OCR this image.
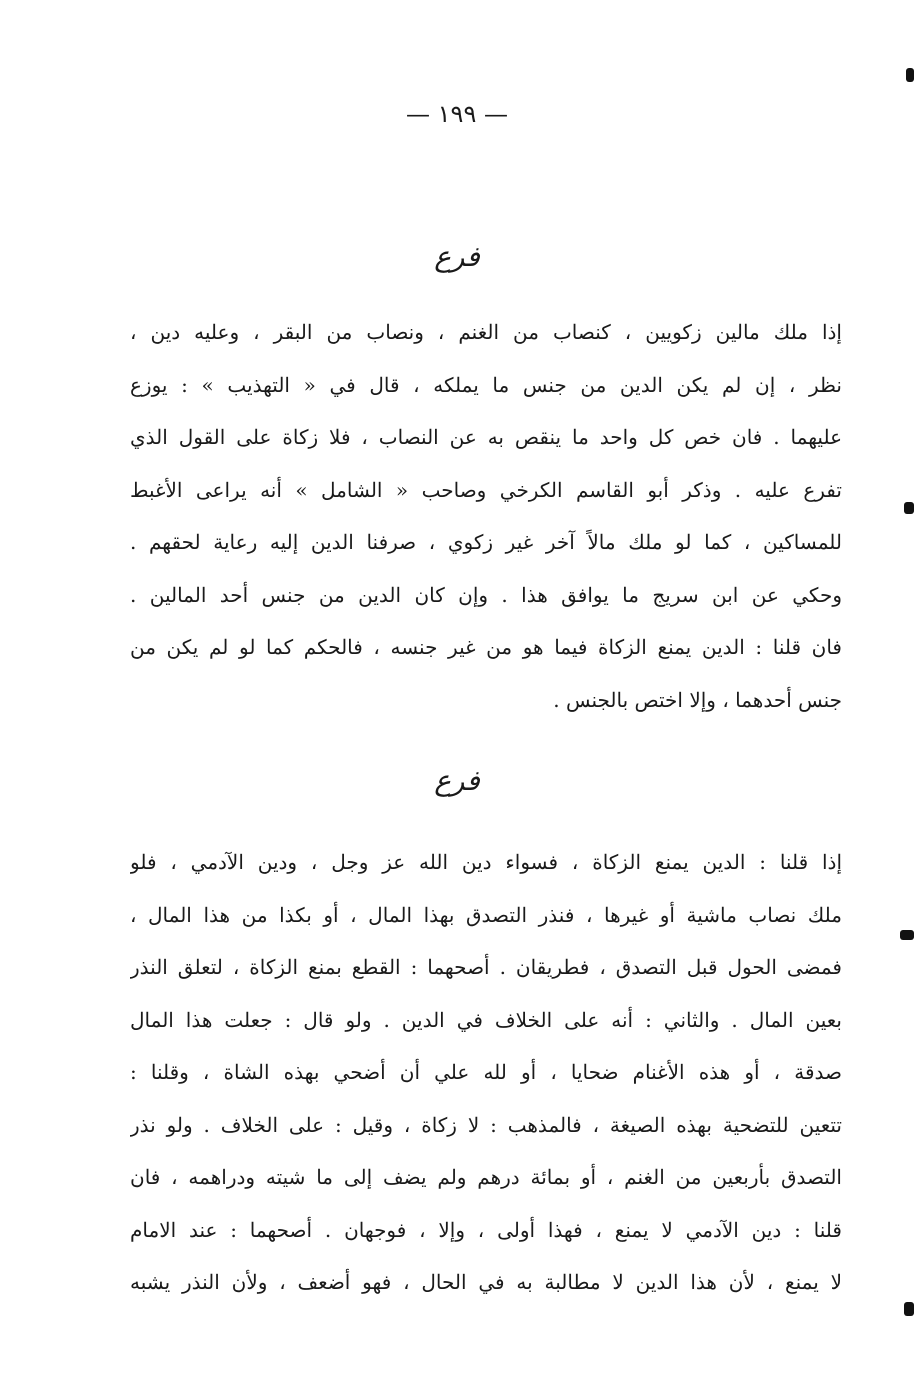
— ١٩٩ —
فرع
إذا ملك مالين زكويين ، كنصاب من الغنم ، ونصاب من البقر ، وعليه دين ،
نظر ، إن لم يكن الدين من جنس ما يملكه ، قال في « التهذيب » : يوزع
عليهما . فان خص كل واحد ما ينقص به عن النصاب ، فلا زكاة على القول الذي
تفرع عليه . وذكر أبو القاسم الكرخي وصاحب « الشامل » أنه يراعى الأغبط
للمساكين ، كما لو ملك مالاً آخر غير زكوي ، صرفنا الدين إليه رعاية لحقهم .
وحكي عن ابن سريج ما يوافق هذا . وإن كان الدين من جنس أحد المالين .
فان قلنا : الدين يمنع الزكاة فيما هو من غير جنسه ، فالحكم كما لو لم يكن من
جنس أحدهما ، وإلا اختص بالجنس .
فرع
إذا قلنا : الدين يمنع الزكاة ، فسواء دين الله عز وجل ، ودين الآدمي ، فلو
ملك نصاب ماشية أو غيرها ، فنذر التصدق بهذا المال ، أو بكذا من هذا المال ،
فمضى الحول قبل التصدق ، فطريقان . أصحهما : القطع بمنع الزكاة ، لتعلق النذر
بعين المال . والثاني : أنه على الخلاف في الدين . ولو قال : جعلت هذا المال
صدقة ، أو هذه الأغنام ضحايا ، أو لله علي أن أضحي بهذه الشاة ، وقلنا :
تتعين للتضحية بهذه الصيغة ، فالمذهب : لا زكاة ، وقيل : على الخلاف . ولو نذر
التصدق بأربعين من الغنم ، أو بمائة درهم ولم يضف إلى ما شيته ودراهمه ، فان
قلنا : دين الآدمي لا يمنع ، فهذا أولى ، وإلا ، فوجهان . أصحهما : عند الامام
لا يمنع ، لأن هذا الدين لا مطالبة به في الحال ، فهو أضعف ، ولأن النذر يشبه
